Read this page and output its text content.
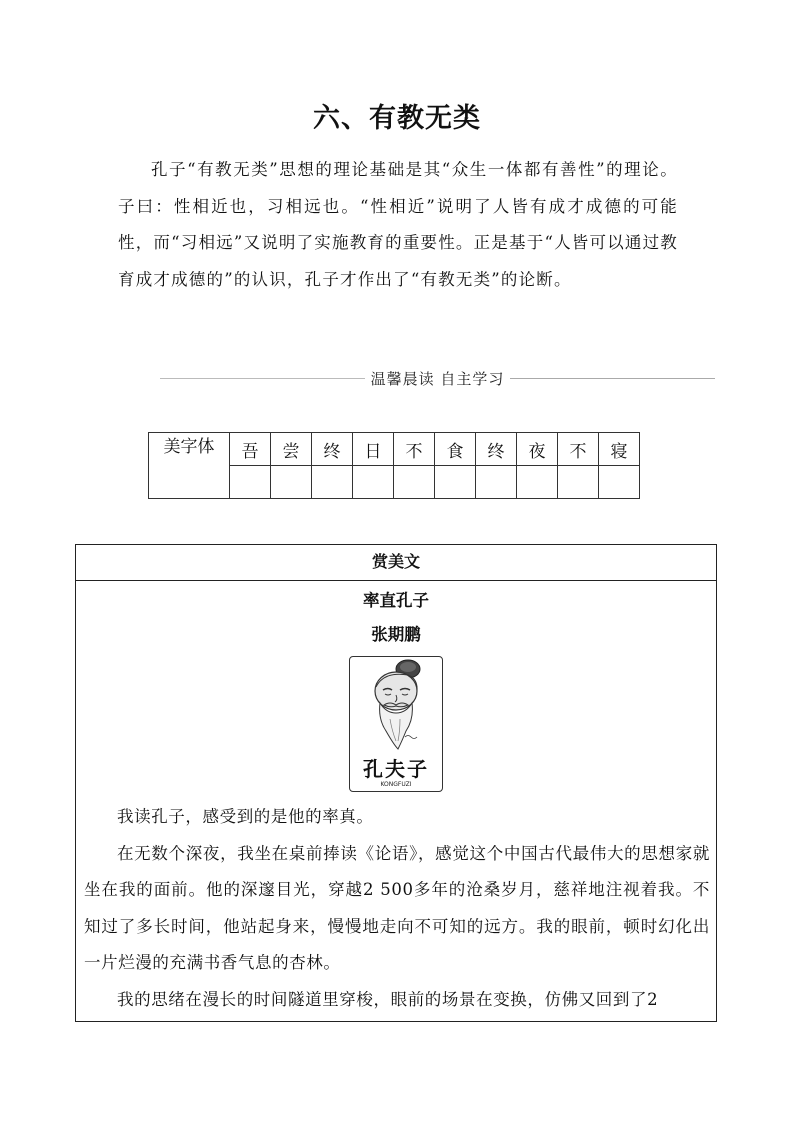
六、有教无类

孔子“有教无类”思想的理论基础是其“众生一体都有善性”的理论。子曰：性相近也，习相远也。“性相近”说明了人皆有成才成德的可能性，而“习相远”又说明了实施教育的重要性。正是基于“人皆可以通过教育成才成德的”的认识，孔子才作出了“有教无类”的论断。

温馨晨读 自主学习
美字体	吾	尝	终	日	不	食	终	夜	不	寝

赏美文
率直孔子
张期鹏
孔夫子
KONGFUZI

我读孔子，感受到的是他的率真。

在无数个深夜，我坐在桌前捧读《论语》，感觉这个中国古代最伟大的思想家就坐在我的面前。他的深邃目光，穿越2 500多年的沧桑岁月，慈祥地注视着我。不知过了多长时间，他站起身来，慢慢地走向不可知的远方。我的眼前，顿时幻化出一片烂漫的充满书香气息的杏林。

我的思绪在漫长的时间隧道里穿梭，眼前的场景在变换，仿佛又回到了2
